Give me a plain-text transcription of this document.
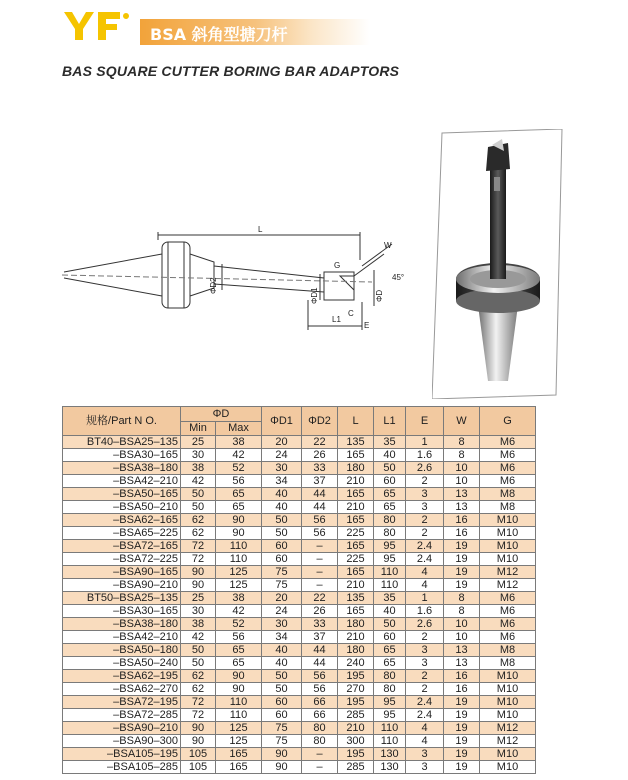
BSA 斜角型搪刀杆
BAS SQUARE CUTTER BORING BAR ADAPTORS
L
G
W
45°
C
L1
E
ΦD2
ΦD1	ΦD
规格/Part N O.	ΦD		ΦD1	ΦD2	L	L1	E	W	G
	Min	Max							
BT40–BSA25–135	25	38	20	22	135	35	1	8	M6
–BSA30–165	30	42	24	26	165	40	1.6	8	M6
–BSA38–180	38	52	30	33	180	50	2.6	10	M6
–BSA42–210	42	56	34	37	210	60	2	10	M6
–BSA50–165	50	65	40	44	165	65	3	13	M8
–BSA50–210	50	65	40	44	210	65	3	13	M8
–BSA62–165	62	90	50	56	165	80	2	16	M10
–BSA65–225	62	90	50	56	225	80	2	16	M10
–BSA72–165	72	110	60	–	165	95	2.4	19	M10
–BSA72–225	72	110	60	–	225	95	2.4	19	M10
–BSA90–165	90	125	75	–	165	110	4	19	M12
–BSA90–210	90	125	75	–	210	110	4	19	M12
BT50–BSA25–135	25	38	20	22	135	35	1	8	M6
–BSA30–165	30	42	24	26	165	40	1.6	8	M6
–BSA38–180	38	52	30	33	180	50	2.6	10	M6
–BSA42–210	42	56	34	37	210	60	2	10	M6
–BSA50–180	50	65	40	44	180	65	3	13	M8
–BSA50–240	50	65	40	44	240	65	3	13	M8
–BSA62–195	62	90	50	56	195	80	2	16	M10
–BSA62–270	62	90	50	56	270	80	2	16	M10
–BSA72–195	72	110	60	66	195	95	2.4	19	M10
–BSA72–285	72	110	60	66	285	95	2.4	19	M10
–BSA90–210	90	125	75	80	210	110	4	19	M12
–BSA90–300	90	125	75	80	300	110	4	19	M12
–BSA105–195	105	165	90	–	195	130	3	19	M10
–BSA105–285	105	165	90	–	285	130	3	19	M10
